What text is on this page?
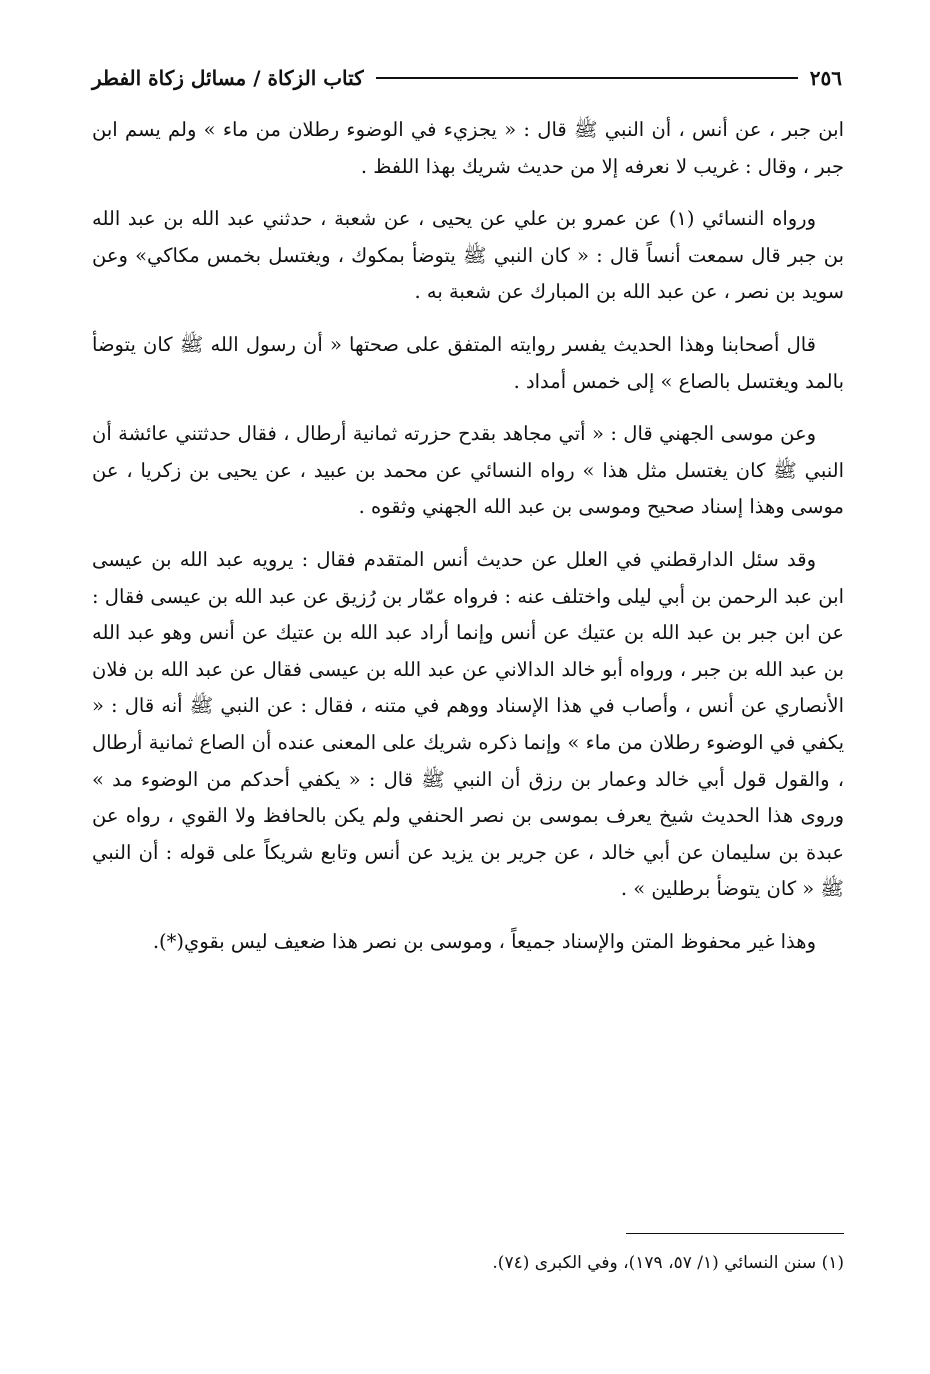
٢٥٦
كتاب الزكاة / مسائل زكاة الفطر

ابن جبر ، عن أنس ، أن النبي ﷺ قال : « يجزيء في الوضوء رطلان من ماء » ولم يسم ابن جبر ، وقال : غريب لا نعرفه إلا من حديث شريك بهذا اللفظ .

ورواه النسائي (١) عن عمرو بن علي عن يحيى ، عن شعبة ، حدثني عبد الله بن عبد الله بن جبر قال سمعت أنساً قال : « كان النبي ﷺ يتوضأ بمكوك ، ويغتسل بخمس مكاكي» وعن سويد بن نصر ، عن عبد الله بن المبارك عن شعبة به .

قال أصحابنا وهذا الحديث يفسر روايته المتفق على صحتها « أن رسول الله ﷺ كان يتوضأ بالمد ويغتسل بالصاع » إلى خمس أمداد .

وعن موسى الجهني قال : « أتي مجاهد بقدح حزرته ثمانية أرطال ، فقال حدثتني عائشة أن النبي ﷺ كان يغتسل مثل هذا » رواه النسائي عن محمد بن عبيد ، عن يحيى بن زكريا ، عن موسى وهذا إسناد صحيح وموسى بن عبد الله الجهني وثقوه .

وقد سئل الدارقطني في العلل عن حديث أنس المتقدم فقال : يرويه عبد الله بن عيسى ابن عبد الرحمن بن أبي ليلى واختلف عنه : فرواه عمّار بن رُزيق عن عبد الله بن عيسى فقال : عن ابن جبر بن عبد الله بن عتيك عن أنس وإنما أراد عبد الله بن عتيك عن أنس وهو عبد الله بن عبد الله بن جبر ، ورواه أبو خالد الدالاني عن عبد الله بن عيسى فقال عن عبد الله بن فلان الأنصاري عن أنس ، وأصاب في هذا الإسناد ووهم في متنه ، فقال : عن النبي ﷺ أنه قال : « يكفي في الوضوء رطلان من ماء » وإنما ذكره شريك على المعنى عنده أن الصاع ثمانية أرطال ، والقول قول أبي خالد وعمار بن رزق أن النبي ﷺ قال : « يكفي أحدكم من الوضوء مد » وروى هذا الحديث شيخ يعرف بموسى بن نصر الحنفي ولم يكن بالحافظ ولا القوي ، رواه عن عبدة بن سليمان عن أبي خالد ، عن جرير بن يزيد عن أنس وتابع شريكاً على قوله : أن النبي ﷺ « كان يتوضأ برطلين » .

وهذا غير محفوظ المتن والإسناد جميعاً ، وموسى بن نصر هذا ضعيف ليس بقوي(*).

(١) سنن النسائي (١/ ٥٧، ١٧٩)، وفي الكبرى (٧٤).
